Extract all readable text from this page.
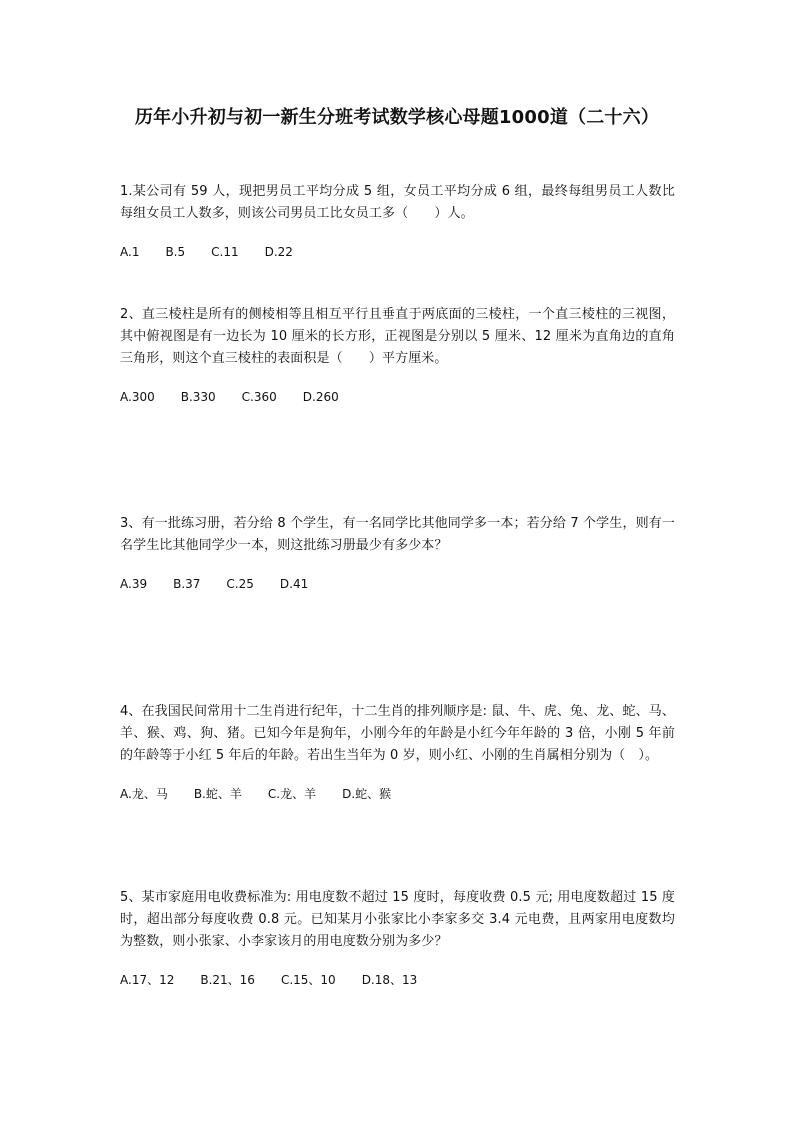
历年小升初与初一新生分班考试数学核心母题1000道（二十六）
1.某公司有 59 人，现把男员工平均分成 5 组，女员工平均分成 6 组，最终每组男员工人数比每组女员工人数多，则该公司男员工比女员工多（　　）人。
A.1 B.5 C.11 D.22
2、直三棱柱是所有的侧棱相等且相互平行且垂直于两底面的三棱柱，一个直三棱柱的三视图， 其中俯视图是有一边长为 10 厘米的长方形，正视图是分别以 5 厘米、12 厘米为直角边的直角三角形，则这个直三棱柱的表面积是（　　）平方厘米。
A.300 B.330 C.360 D.260
3、有一批练习册，若分给 8 个学生，有一名同学比其他同学多一本；若分给 7 个学生，则有一名学生比其他同学少一本，则这批练习册最少有多少本？
A.39 B.37 C.25 D.41
4、在我国民间常用十二生肖进行纪年，十二生肖的排列顺序是: 鼠、牛、虎、兔、龙、蛇、马、羊、猴、鸡、狗、猪。已知今年是狗年，小刚今年的年龄是小红今年年龄的 3 倍，小刚 5 年前的年龄等于小红 5 年后的年龄。若出生当年为 0 岁，则小红、小刚的生肖属相分别为（　）。
A.龙、马 B.蛇、羊 C.龙、羊 D.蛇、猴
5、某市家庭用电收费标准为: 用电度数不超过 15 度时，每度收费 0.5 元; 用电度数超过 15 度时，超出部分每度收费 0.8 元。已知某月小张家比小李家多交 3.4 元电费，且两家用电度数均为整数，则小张家、小李家该月的用电度数分别为多少？
A.17、12 B.21、16 C.15、10 D.18、13
